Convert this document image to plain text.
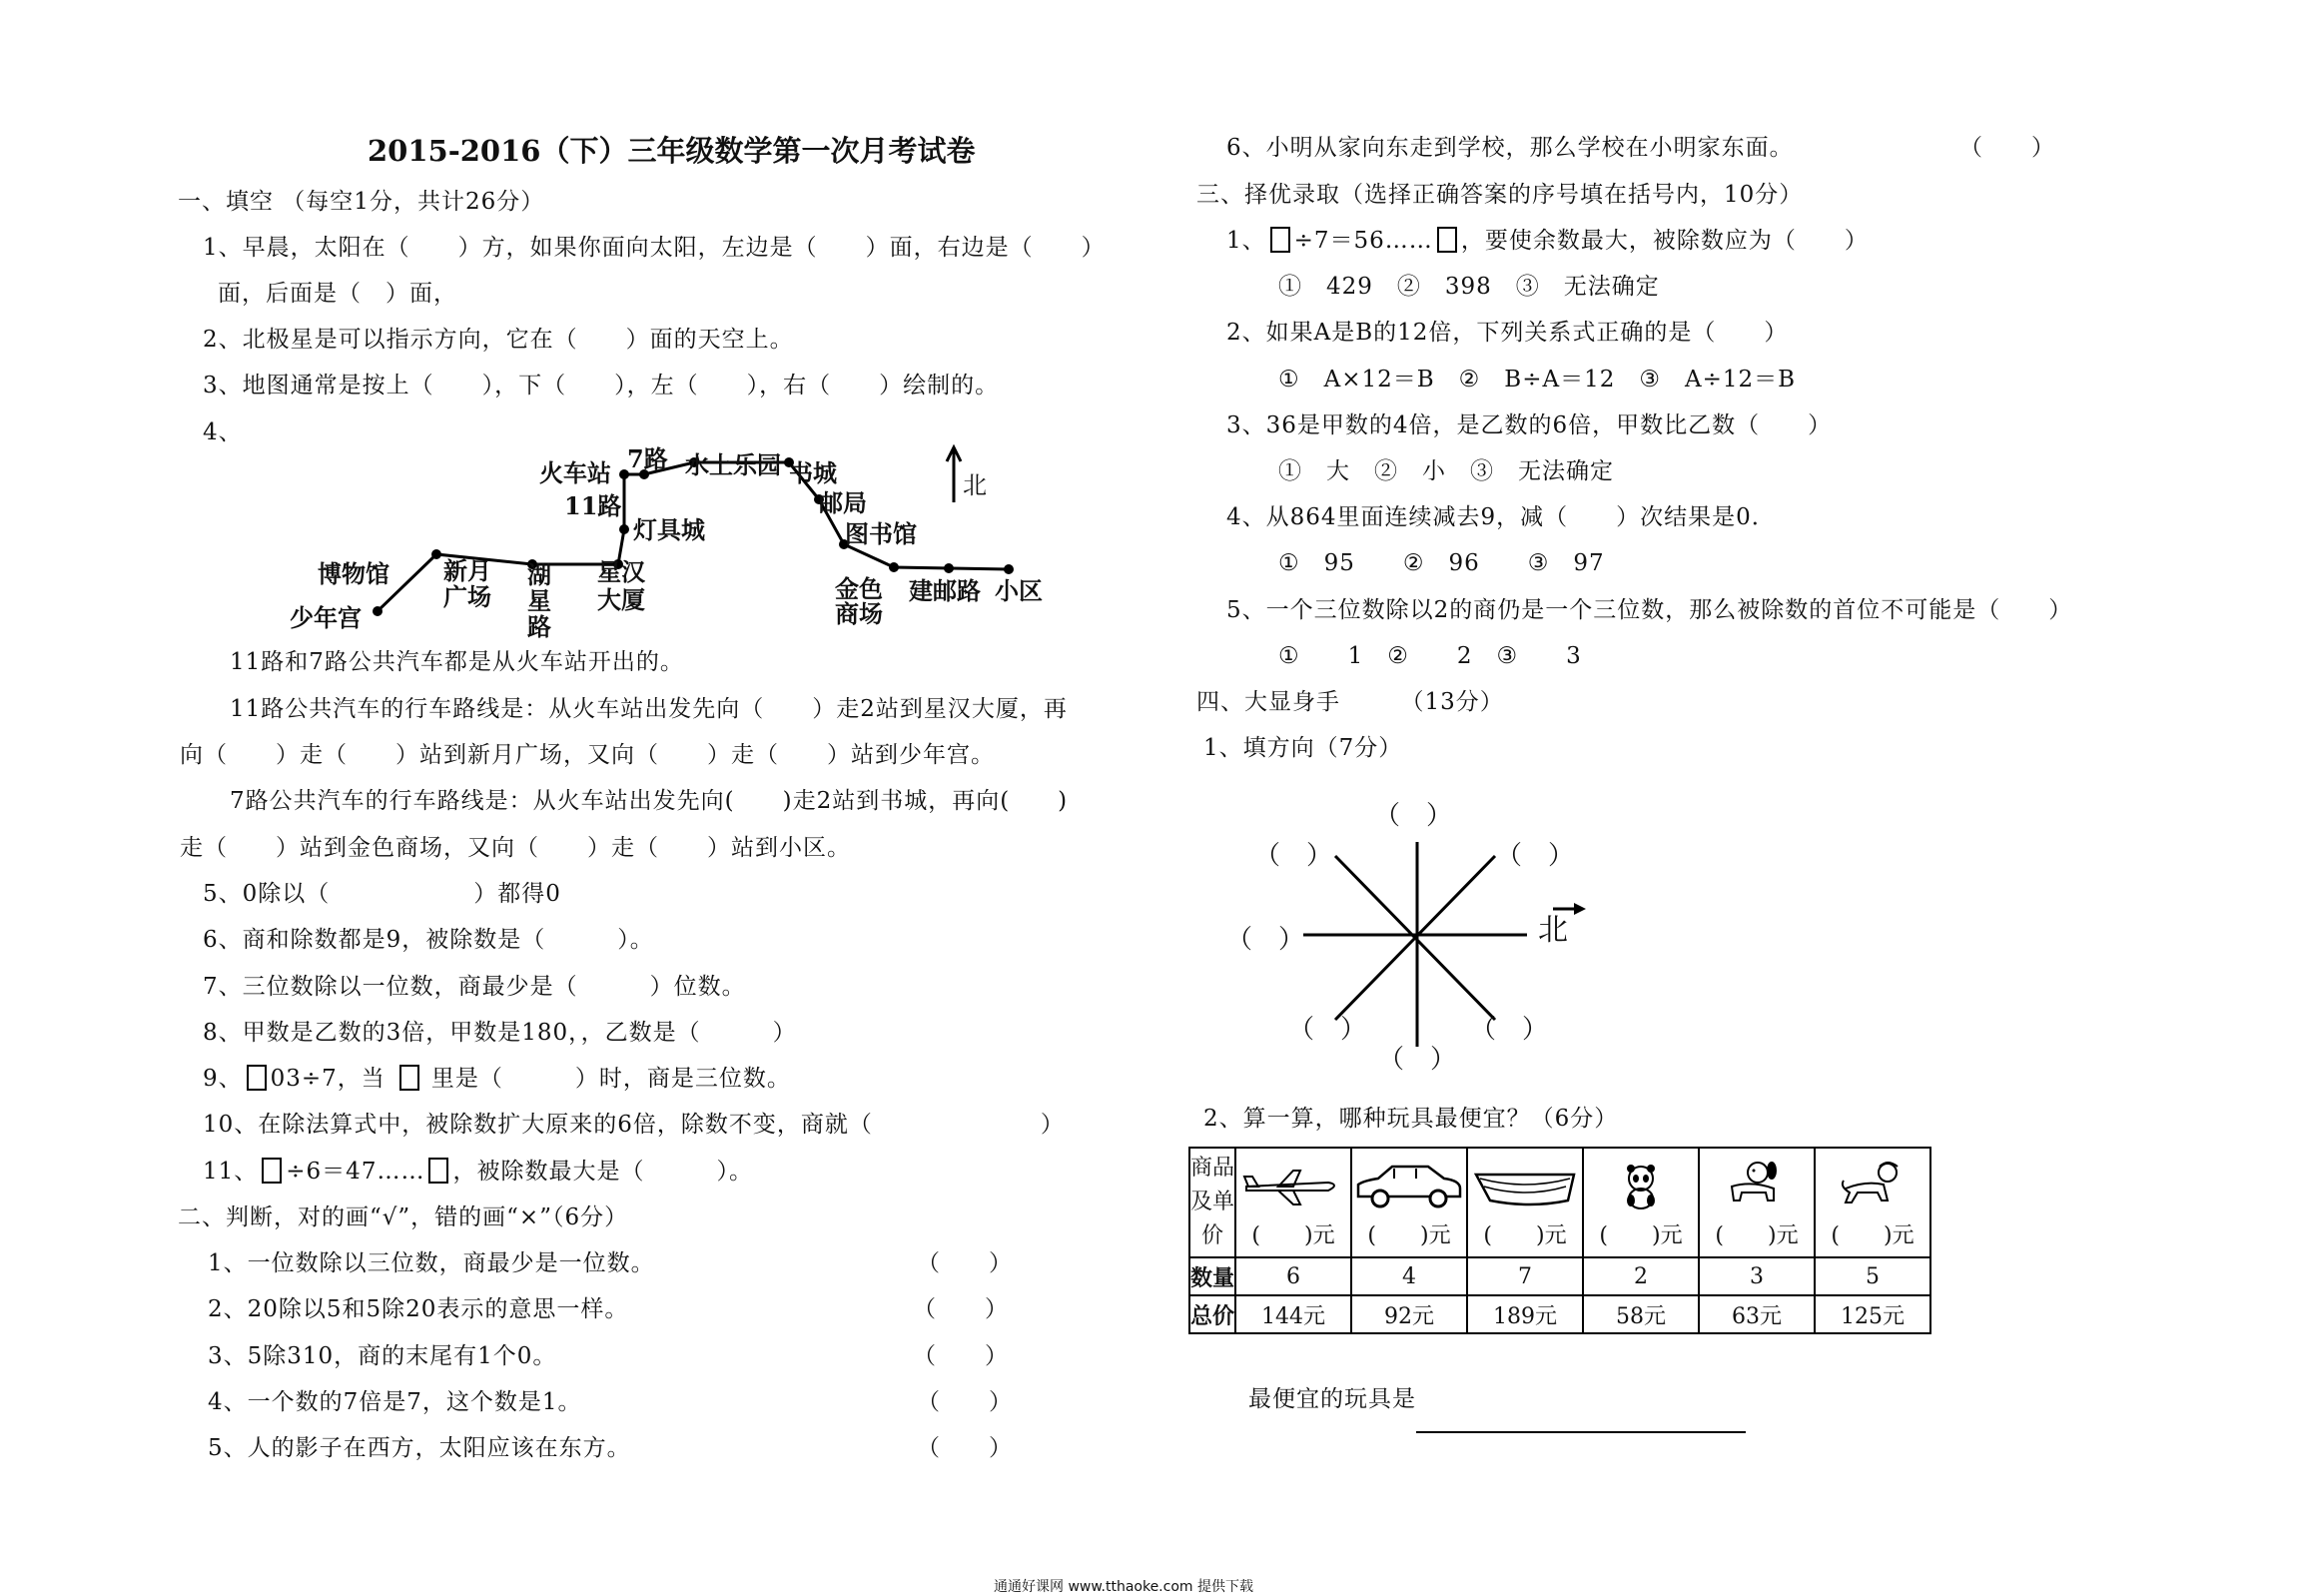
2015-2016（下）三年级数学第一次月考试卷
一、填空 （每空1分，共计26分）
1、早晨，太阳在（　　）方，如果你面向太阳，左边是（　　）面，右边是（　　）
面，后面是（　）面，
2、北极星是可以指示方向，它在（　　）面的天空上。
3、地图通常是按上（　　），下（　　），左（　　），右（　　）绘制的。
4、
火车站 7路 水上乐园 书城
邮局
图书馆
11路
灯具城
博物馆 新月
广场
湖
星
路
星汉
大厦	金色
商场
建邮路 小区
少年宫
北
11路和7路公共汽车都是从火车站开出的。
11路公共汽车的行车路线是：从火车站出发先向（　　）走2站到星汉大厦，再
向（　　）走（　　）站到新月广场，又向（　　）走（　　）站到少年宫。
7路公共汽车的行车路线是：从火车站出发先向(　　)走2站到书城，再向(　　)
走（　　）站到金色商场，又向（　　）走（　　）站到小区。
5、0除以（　　　　　　）都得0
6、商和除数都是9，被除数是（　　　）。
7、三位数除以一位数，商最少是（　　　）位数。
8、甲数是乙数的3倍，甲数是180，，乙数是（　　　）
9、 03÷7，当 里是（　　　）时，商是三位数。
10、在除法算式中，被除数扩大原来的6倍，除数不变，商就（　　　　　　　）
11、 ÷6＝47…… ，被除数最大是（　　　）。
二、判断，对的画“√”，错的画“×”（6分）
1、一位数除以三位数，商最少是一位数。	（　　）
2、20除以5和5除20表示的意思一样。	（　　）
3、5除310，商的末尾有1个0。	（　　）
4、一个数的7倍是7，这个数是1。	（　　）
5、人的影子在西方，太阳应该在东方。	（　　）
6、小明从家向东走到学校，那么学校在小明家东面。	（　　）
三、择优录取（选择正确答案的序号填在括号内，10分）
1、 ÷7＝56…… ，要使余数最大，被除数应为（　　）
①　429　②　398　③　无法确定
2、如果A是B的12倍，下列关系式正确的是（　　）
①　A×12＝B　②　B÷A＝12　③　A÷12＝B
3、36是甲数的4倍，是乙数的6倍，甲数比乙数（　　）
①　大　②　小　③　无法确定
4、从864里面连续减去9，减（　　）次结果是0．
①　95　　②　96　　③　97
5、一个三位数除以2的商仍是一个三位数，那么被除数的首位不可能是（　　）
①　　1　②　　2　③　　3
四、大显身手　　　（13分）
1、填方向（7分）
（　）
（　）	（　）
（　）	北
（　）	（　）
（　）
2、算一算，哪种玩具最便宜？（6分）
商品及单价	(　　)元	(　　)元	(　　)元	(　　)元	(　　)元	(　　)元

数量	6	4	7	2	3	5
总价	144元	92元	189元	58元	63元	125元
最便宜的玩具是
通通好课网 www.tthaoke.com 提供下载
